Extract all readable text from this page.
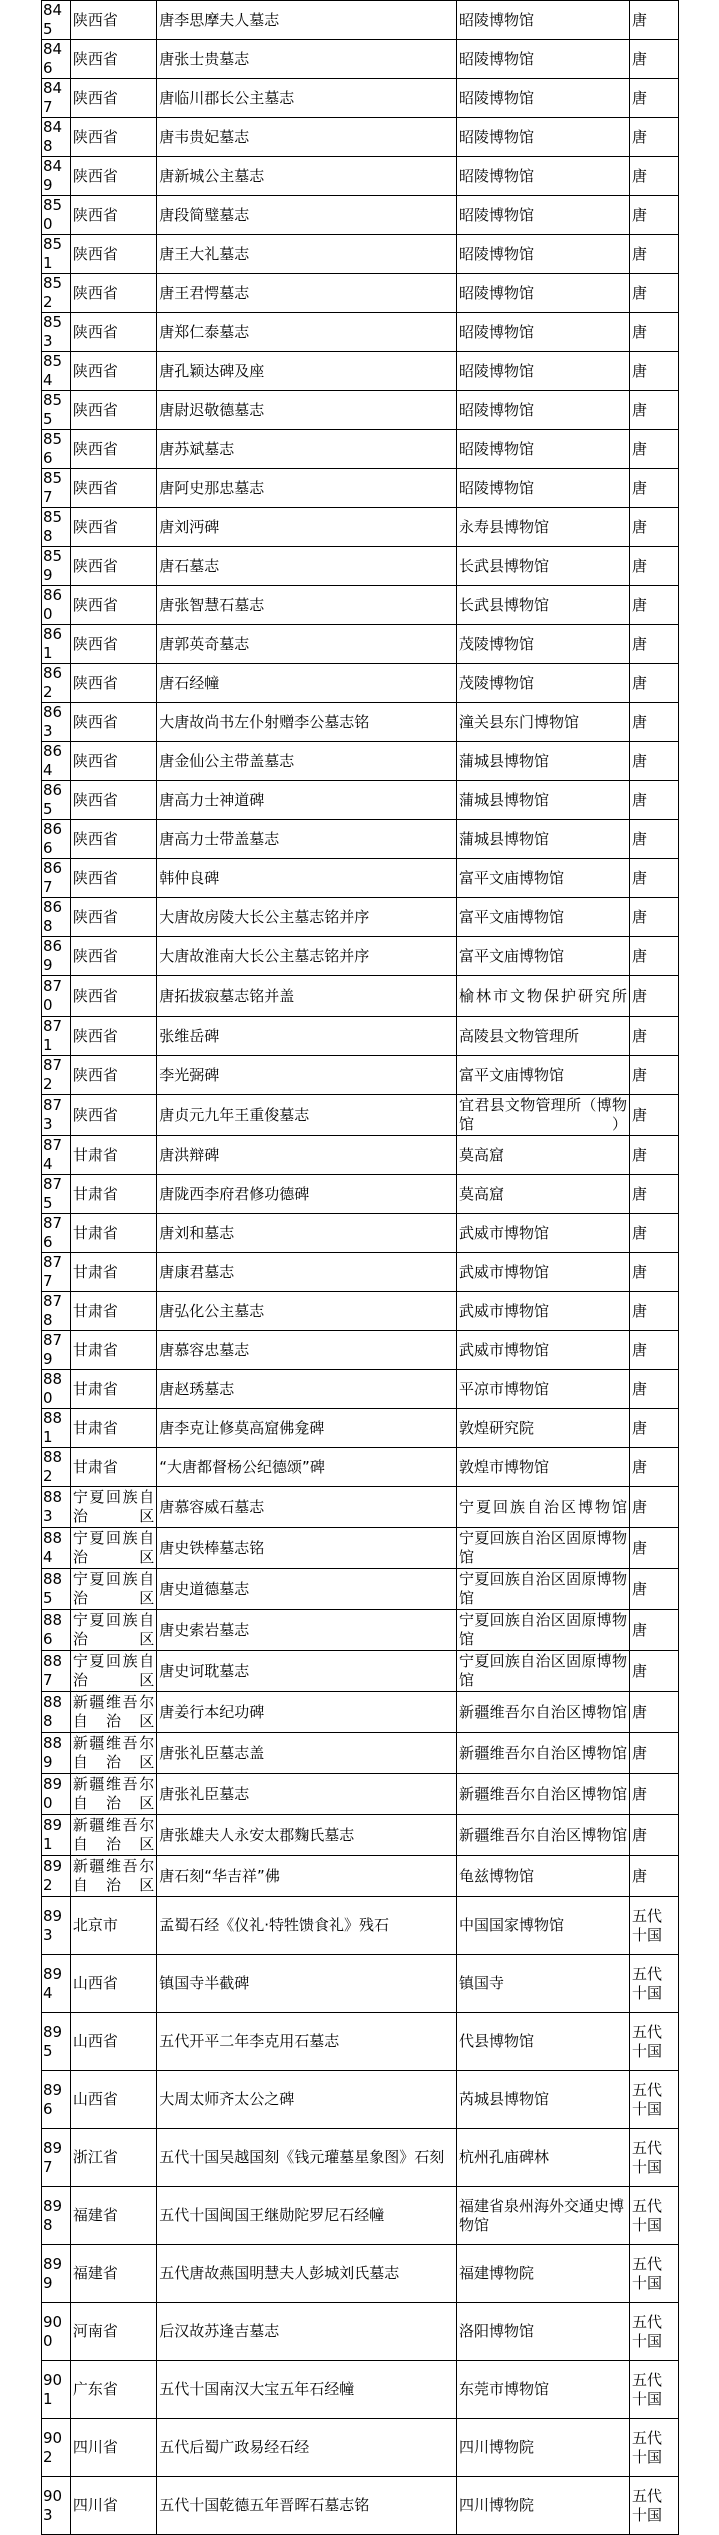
845	陕西省	唐李思摩夫人墓志	昭陵博物馆	唐
846	陕西省	唐张士贵墓志	昭陵博物馆	唐
847	陕西省	唐临川郡长公主墓志	昭陵博物馆	唐
848	陕西省	唐韦贵妃墓志	昭陵博物馆	唐
849	陕西省	唐新城公主墓志	昭陵博物馆	唐
850	陕西省	唐段简璧墓志	昭陵博物馆	唐
851	陕西省	唐王大礼墓志	昭陵博物馆	唐
852	陕西省	唐王君愕墓志	昭陵博物馆	唐
853	陕西省	唐郑仁泰墓志	昭陵博物馆	唐
854	陕西省	唐孔颖达碑及座	昭陵博物馆	唐
855	陕西省	唐尉迟敬德墓志	昭陵博物馆	唐
856	陕西省	唐苏斌墓志	昭陵博物馆	唐
857	陕西省	唐阿史那忠墓志	昭陵博物馆	唐
858	陕西省	唐刘沔碑	永寿县博物馆	唐
859	陕西省	唐石墓志	长武县博物馆	唐
860	陕西省	唐张智慧石墓志	长武县博物馆	唐
861	陕西省	唐郭英奇墓志	茂陵博物馆	唐
862	陕西省	唐石经幢	茂陵博物馆	唐
863	陕西省	大唐故尚书左仆射赠李公墓志铭	潼关县东门博物馆	唐
864	陕西省	唐金仙公主带盖墓志	蒲城县博物馆	唐
865	陕西省	唐高力士神道碑	蒲城县博物馆	唐
866	陕西省	唐高力士带盖墓志	蒲城县博物馆	唐
867	陕西省	韩仲良碑	富平文庙博物馆	唐
868	陕西省	大唐故房陵大长公主墓志铭并序	富平文庙博物馆	唐
869	陕西省	大唐故淮南大长公主墓志铭并序	富平文庙博物馆	唐
870	陕西省	唐拓拔寂墓志铭并盖	榆林市文物保护研究所	唐
871	陕西省	张维岳碑	高陵县文物管理所	唐
872	陕西省	李光弼碑	富平文庙博物馆	唐
873	陕西省	唐贞元九年王重俊墓志	宜君县文物管理所（博物馆）	唐
874	甘肃省	唐洪辩碑	莫高窟	唐
875	甘肃省	唐陇西李府君修功德碑	莫高窟	唐
876	甘肃省	唐刘和墓志	武威市博物馆	唐
877	甘肃省	唐康君墓志	武威市博物馆	唐
878	甘肃省	唐弘化公主墓志	武威市博物馆	唐
879	甘肃省	唐慕容忠墓志	武威市博物馆	唐
880	甘肃省	唐赵琇墓志	平凉市博物馆	唐
881	甘肃省	唐李克让修莫高窟佛龛碑	敦煌研究院	唐
882	甘肃省	“大唐都督杨公纪德颂”碑	敦煌市博物馆	唐
883	宁夏回族自治区	唐慕容威石墓志	宁夏回族自治区博物馆	唐
884	宁夏回族自治区	唐史铁棒墓志铭	宁夏回族自治区固原博物馆	唐
885	宁夏回族自治区	唐史道德墓志	宁夏回族自治区固原博物馆	唐
886	宁夏回族自治区	唐史索岩墓志	宁夏回族自治区固原博物馆	唐
887	宁夏回族自治区	唐史诃耽墓志	宁夏回族自治区固原博物馆	唐
888	新疆维吾尔自治区	唐姜行本纪功碑	新疆维吾尔自治区博物馆	唐
889	新疆维吾尔自治区	唐张礼臣墓志盖	新疆维吾尔自治区博物馆	唐
890	新疆维吾尔自治区	唐张礼臣墓志	新疆维吾尔自治区博物馆	唐
891	新疆维吾尔自治区	唐张雄夫人永安太郡麴氏墓志	新疆维吾尔自治区博物馆	唐
892	新疆维吾尔自治区	唐石刻“华吉祥”佛	龟兹博物馆	唐
893	北京市	孟蜀石经《仪礼·特牲馈食礼》残石	中国国家博物馆	五代十国
894	山西省	镇国寺半截碑	镇国寺	五代十国
895	山西省	五代开平二年李克用石墓志	代县博物馆	五代十国
896	山西省	大周太师齐太公之碑	芮城县博物馆	五代十国
897	浙江省	五代十国吴越国刻《钱元瓘墓星象图》石刻	杭州孔庙碑林	五代十国
898	福建省	五代十国闽国王继勋陀罗尼石经幢	福建省泉州海外交通史博物馆	五代十国
899	福建省	五代唐故燕国明慧夫人彭城刘氏墓志	福建博物院	五代十国
900	河南省	后汉故苏逢吉墓志	洛阳博物馆	五代十国
901	广东省	五代十国南汉大宝五年石经幢	东莞市博物馆	五代十国
902	四川省	五代后蜀广政易经石经	四川博物院	五代十国
903	四川省	五代十国乾德五年晋晖石墓志铭	四川博物院	五代十国
